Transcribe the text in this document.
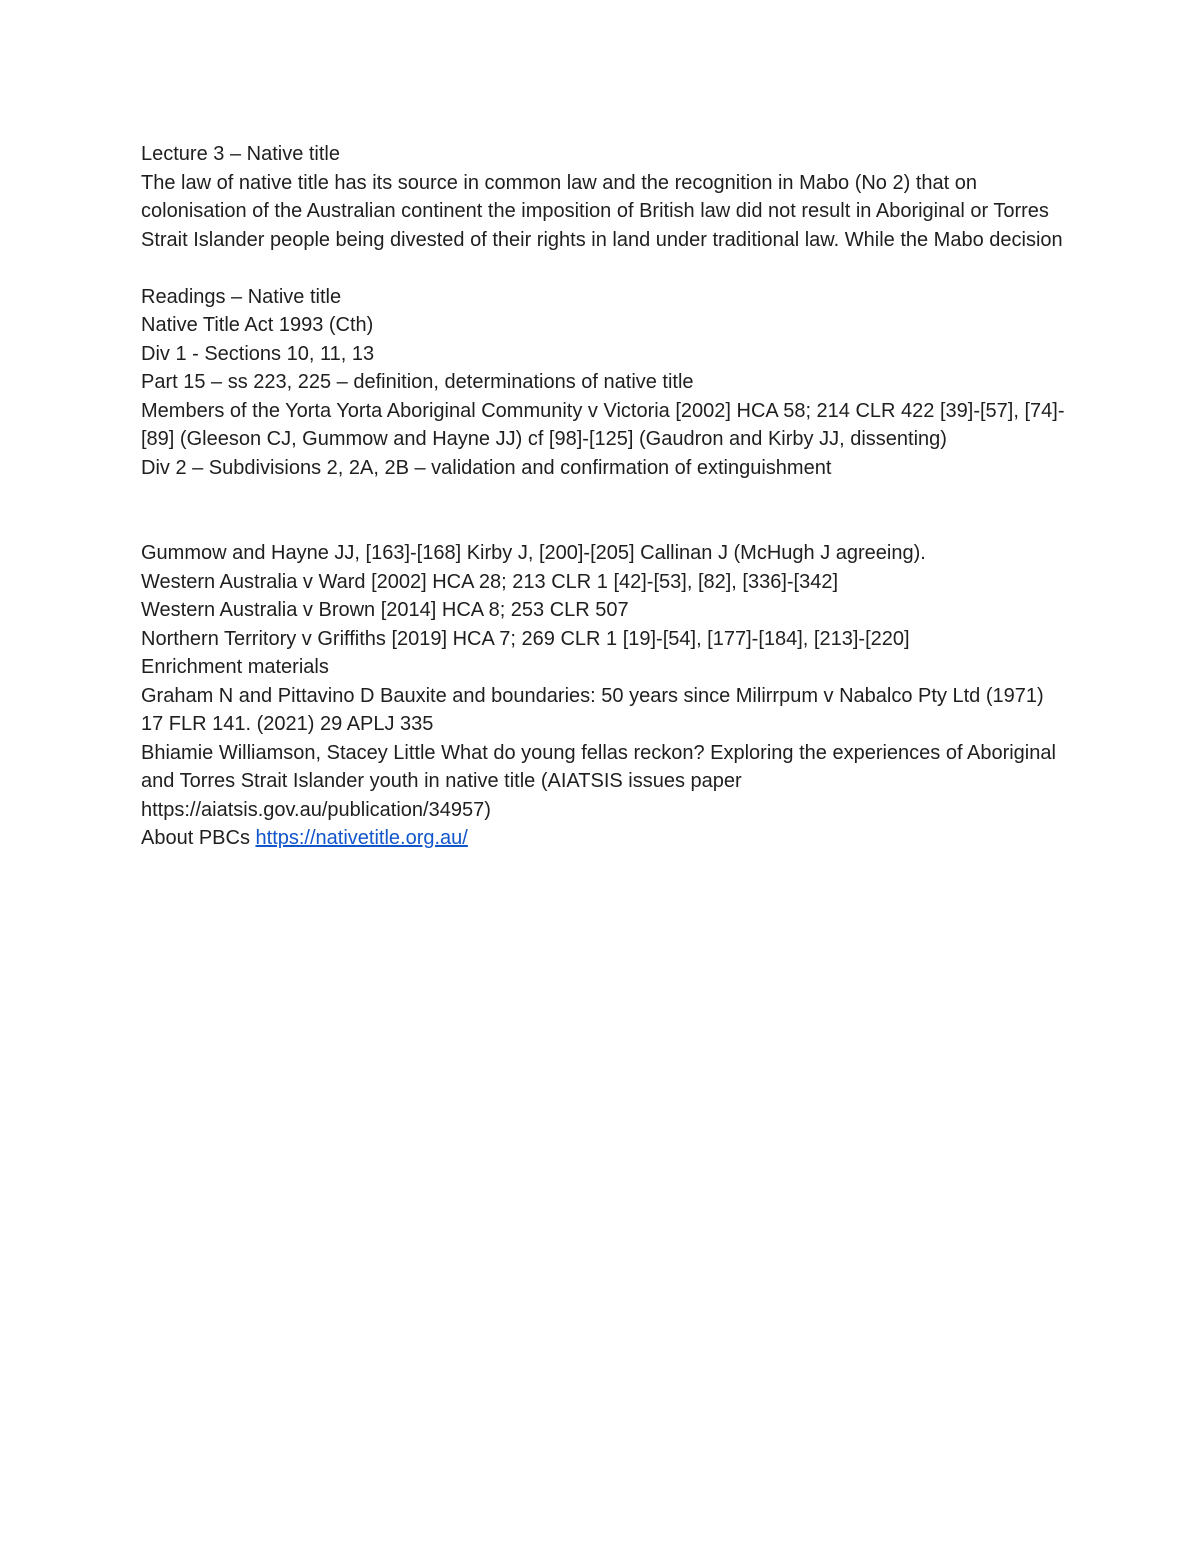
Lecture 3 – Native title

The law of native title has its source in common law and the recognition in Mabo (No 2) that on colonisation of the Australian continent the imposition of British law did not result in Aboriginal or Torres Strait Islander people being divested of their rights in land under traditional law. While the Mabo decision

Readings – Native title

Native Title Act 1993 (Cth)

Div 1 - Sections 10, 11, 13

Part 15 – ss 223, 225 – definition, determinations of native title

Members of the Yorta Yorta Aboriginal Community v Victoria [2002] HCA 58; 214 CLR 422 [39]-[57], [74]-[89] (Gleeson CJ, Gummow and Hayne JJ) cf [98]-[125] (Gaudron and Kirby JJ, dissenting)

Div 2 – Subdivisions 2, 2A, 2B – validation and confirmation of extinguishment

Gummow and Hayne JJ, [163]-[168] Kirby J, [200]-[205] Callinan J (McHugh J agreeing).

Western Australia v Ward [2002] HCA 28; 213 CLR 1 [42]-[53], [82], [336]-[342]

Western Australia v Brown [2014] HCA 8; 253 CLR 507

Northern Territory v Griffiths [2019] HCA 7; 269 CLR 1 [19]-[54], [177]-[184], [213]-[220]

Enrichment materials

Graham N and Pittavino D Bauxite and boundaries: 50 years since Milirrpum v Nabalco Pty Ltd (1971) 17 FLR 141. (2021) 29 APLJ 335

Bhiamie Williamson, Stacey Little What do young fellas reckon? Exploring the experiences of Aboriginal and Torres Strait Islander youth in native title (AIATSIS issues paper https://aiatsis.gov.au/publication/34957)

About PBCs https://nativetitle.org.au/
